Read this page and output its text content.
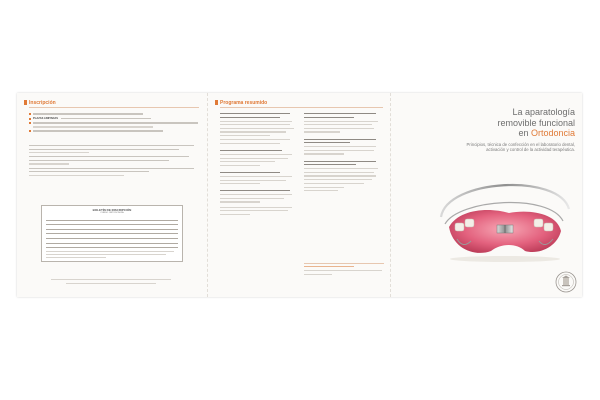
Inscripción
PLAZAS LIMITADAS
BOLETÍN DE INSCRIPCIÓN
CURSO ORTODONCIA
Programa resumido
La aparatología
removible funcional
en Ortodoncia
Principios, técnica de confección en el laboratorio dental, activación y control de la actividad terapéutica.
